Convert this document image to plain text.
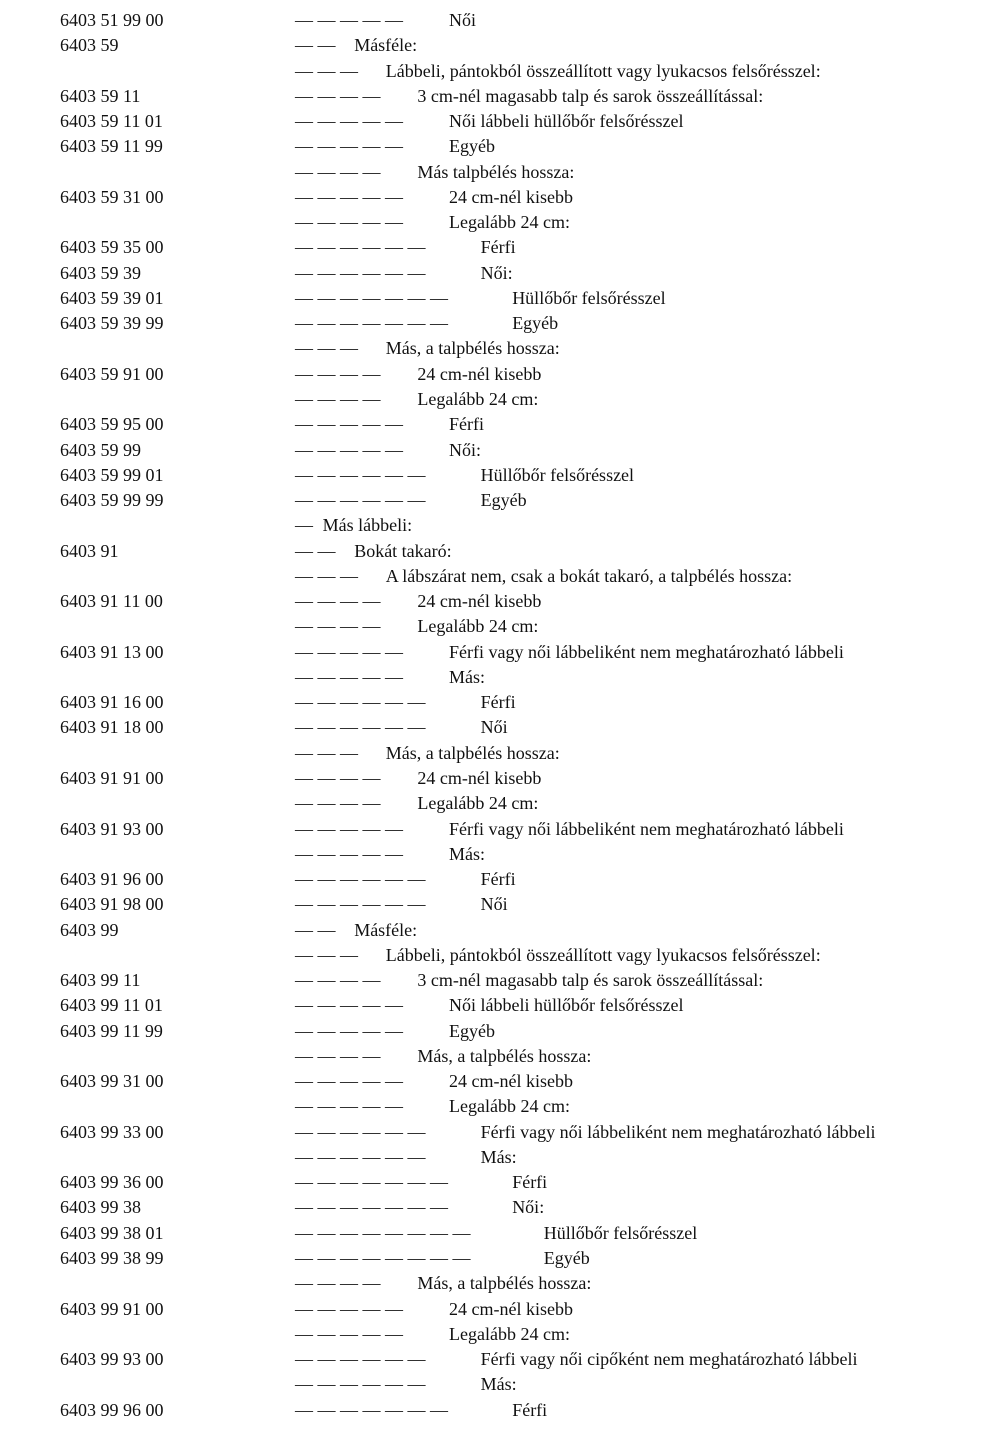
6403 51 99 00	— — — — —	Női
6403 59	— —Másféle:
— — —Lábbeli, pántokból összeállított vagy lyukacsos felsőrésszel:
6403 59 11	— — — —3 cm-nél magasabb talp és sarok összeállítással:
6403 59 11 01	— — — — —	Női lábbeli hüllőbőr felsőrésszel
6403 59 11 99	— — — — —	Egyéb
— — — —Más talpbélés hossza:
6403 59 31 00	— — — — —	24 cm-nél kisebb
— — — — —	Legalább 24 cm:
6403 59 35 00	— — — — — —	Férfi
6403 59 39	— — — — — —	Női:
6403 59 39 01	— — — — — — —	Hüllőbőr felsőrésszel
6403 59 39 99	— — — — — — —	Egyéb
— — —Más, a talpbélés hossza:
6403 59 91 00	— — — —24 cm-nél kisebb
— — — —Legalább 24 cm:
6403 59 95 00	— — — — —	Férfi
6403 59 99	— — — — —	Női:
6403 59 99 01	— — — — — —	Hüllőbőr felsőrésszel
6403 59 99 99	— — — — — —	Egyéb
—Más lábbeli:
6403 91	— —Bokát takaró:
— — —A lábszárat nem, csak a bokát takaró, a talpbélés hossza:
6403 91 11 00	— — — —24 cm-nél kisebb
— — — —Legalább 24 cm:
6403 91 13 00	— — — — —	Férfi vagy női lábbeliként nem meghatározható lábbeli
— — — — —	Más:
6403 91 16 00	— — — — — —	Férfi
6403 91 18 00	— — — — — —	Női
— — —Más, a talpbélés hossza:
6403 91 91 00	— — — —24 cm-nél kisebb
— — — —Legalább 24 cm:
6403 91 93 00	— — — — —	Férfi vagy női lábbeliként nem meghatározható lábbeli
— — — — —	Más:
6403 91 96 00	— — — — — —	Férfi
6403 91 98 00	— — — — — —	Női
6403 99	— —Másféle:
— — —Lábbeli, pántokból összeállított vagy lyukacsos felsőrésszel:
6403 99 11	— — — —3 cm-nél magasabb talp és sarok összeállítással:
6403 99 11 01	— — — — —	Női lábbeli hüllőbőr felsőrésszel
6403 99 11 99	— — — — —	Egyéb
— — — —Más, a talpbélés hossza:
6403 99 31 00	— — — — —	24 cm-nél kisebb
— — — — —	Legalább 24 cm:
6403 99 33 00	— — — — — —	Férfi vagy női lábbeliként nem meghatározható lábbeli
— — — — — —	Más:
6403 99 36 00	— — — — — — —	Férfi
6403 99 38	— — — — — — —	Női:
6403 99 38 01	— — — — — — — —	Hüllőbőr felsőrésszel
6403 99 38 99	— — — — — — — —	Egyéb
— — — —Más, a talpbélés hossza:
6403 99 91 00	— — — — —	24 cm-nél kisebb
— — — — —	Legalább 24 cm:
6403 99 93 00	— — — — — —	Férfi vagy női cipőként nem meghatározható lábbeli
— — — — — —	Más:
6403 99 96 00	— — — — — — —	Férfi
